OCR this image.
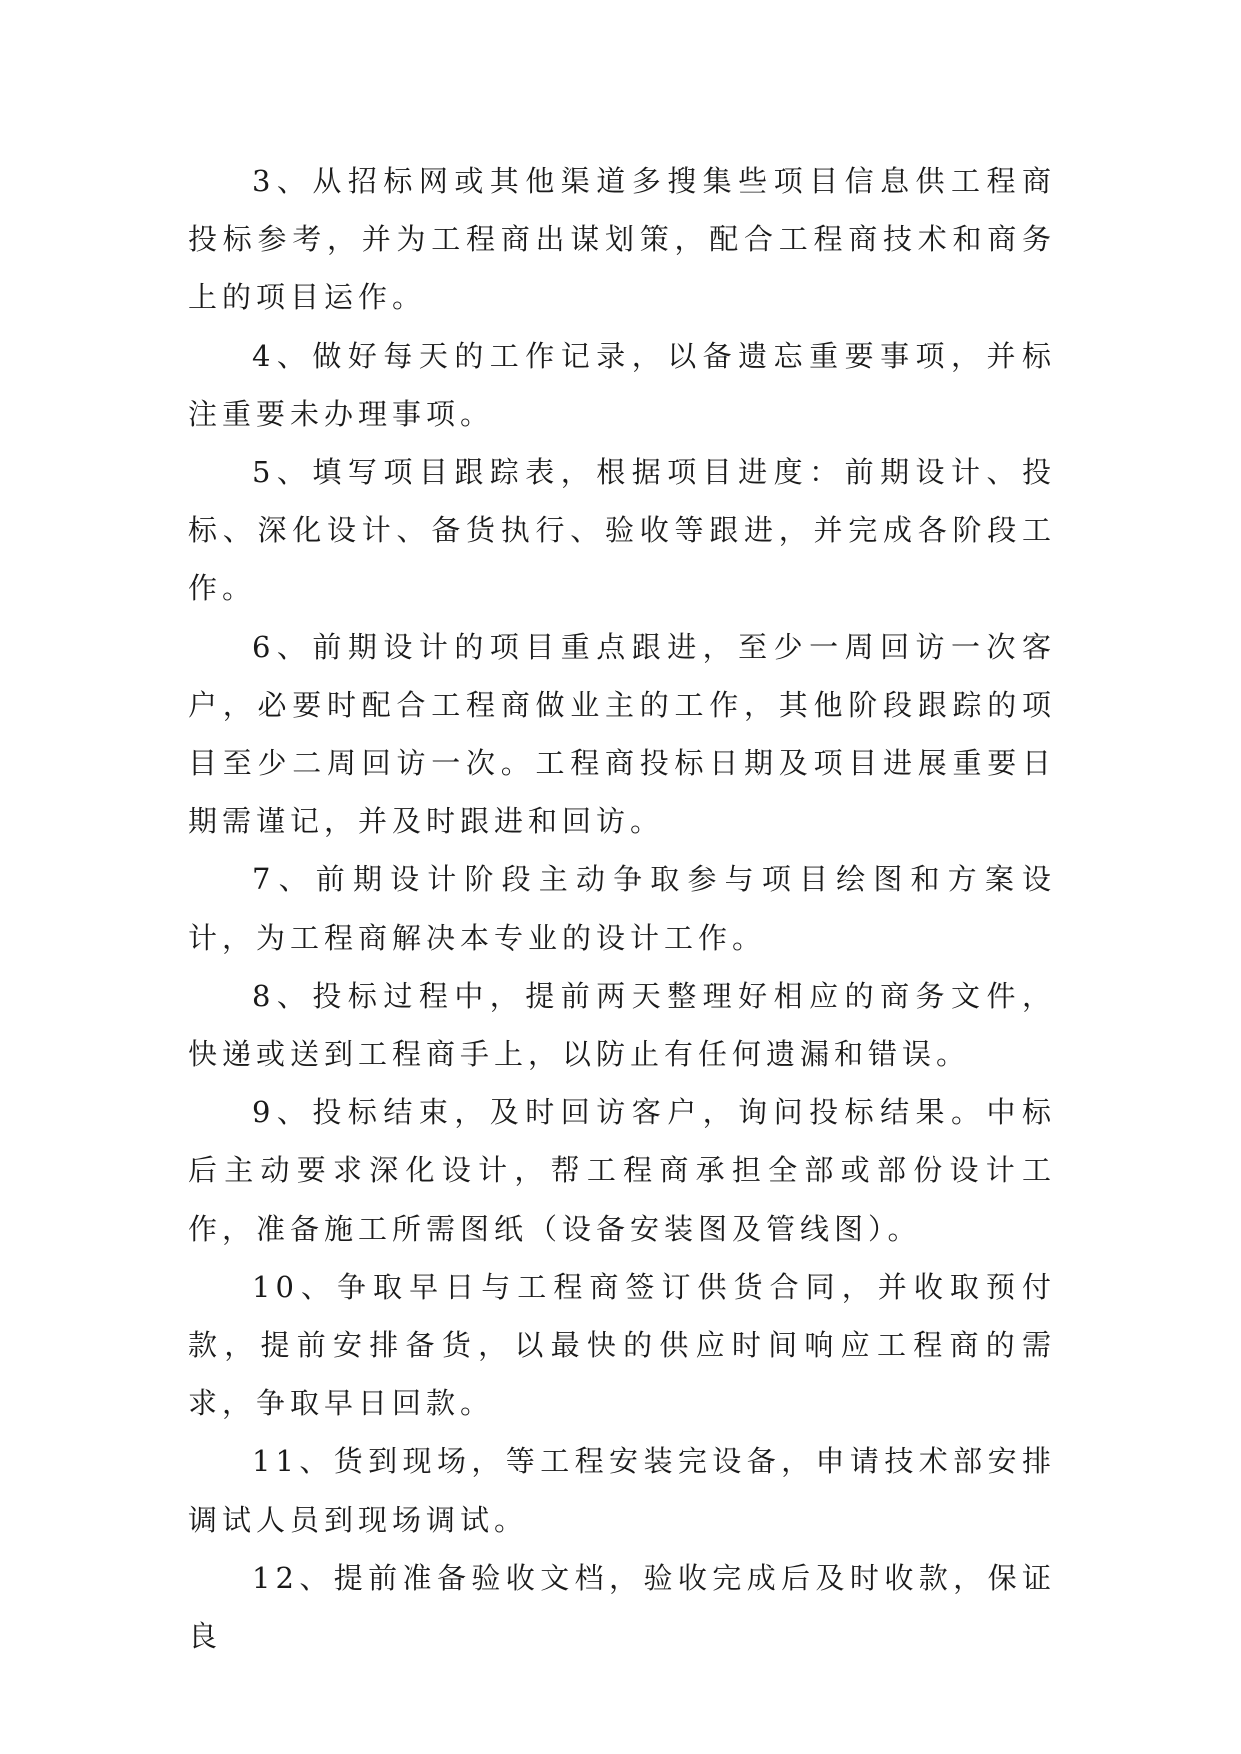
3、从招标网或其他渠道多搜集些项目信息供工程商投标参考，并为工程商出谋划策，配合工程商技术和商务上的项目运作。

4、做好每天的工作记录，以备遗忘重要事项，并标注重要未办理事项。

5、填写项目跟踪表，根据项目进度：前期设计、投标、深化设计、备货执行、验收等跟进，并完成各阶段工作。

6、前期设计的项目重点跟进，至少一周回访一次客户，必要时配合工程商做业主的工作，其他阶段跟踪的项目至少二周回访一次。工程商投标日期及项目进展重要日期需谨记，并及时跟进和回访。

7、前期设计阶段主动争取参与项目绘图和方案设计，为工程商解决本专业的设计工作。

8、投标过程中，提前两天整理好相应的商务文件，快递或送到工程商手上，以防止有任何遗漏和错误。

9、投标结束，及时回访客户，询问投标结果。中标后主动要求深化设计，帮工程商承担全部或部份设计工作，准备施工所需图纸（设备安装图及管线图）。

10、争取早日与工程商签订供货合同，并收取预付款，提前安排备货，以最快的供应时间响应工程商的需求，争取早日回款。

11、货到现场，等工程安装完设备，申请技术部安排调试人员到现场调试。

12、提前准备验收文档，验收完成后及时收款，保证良
